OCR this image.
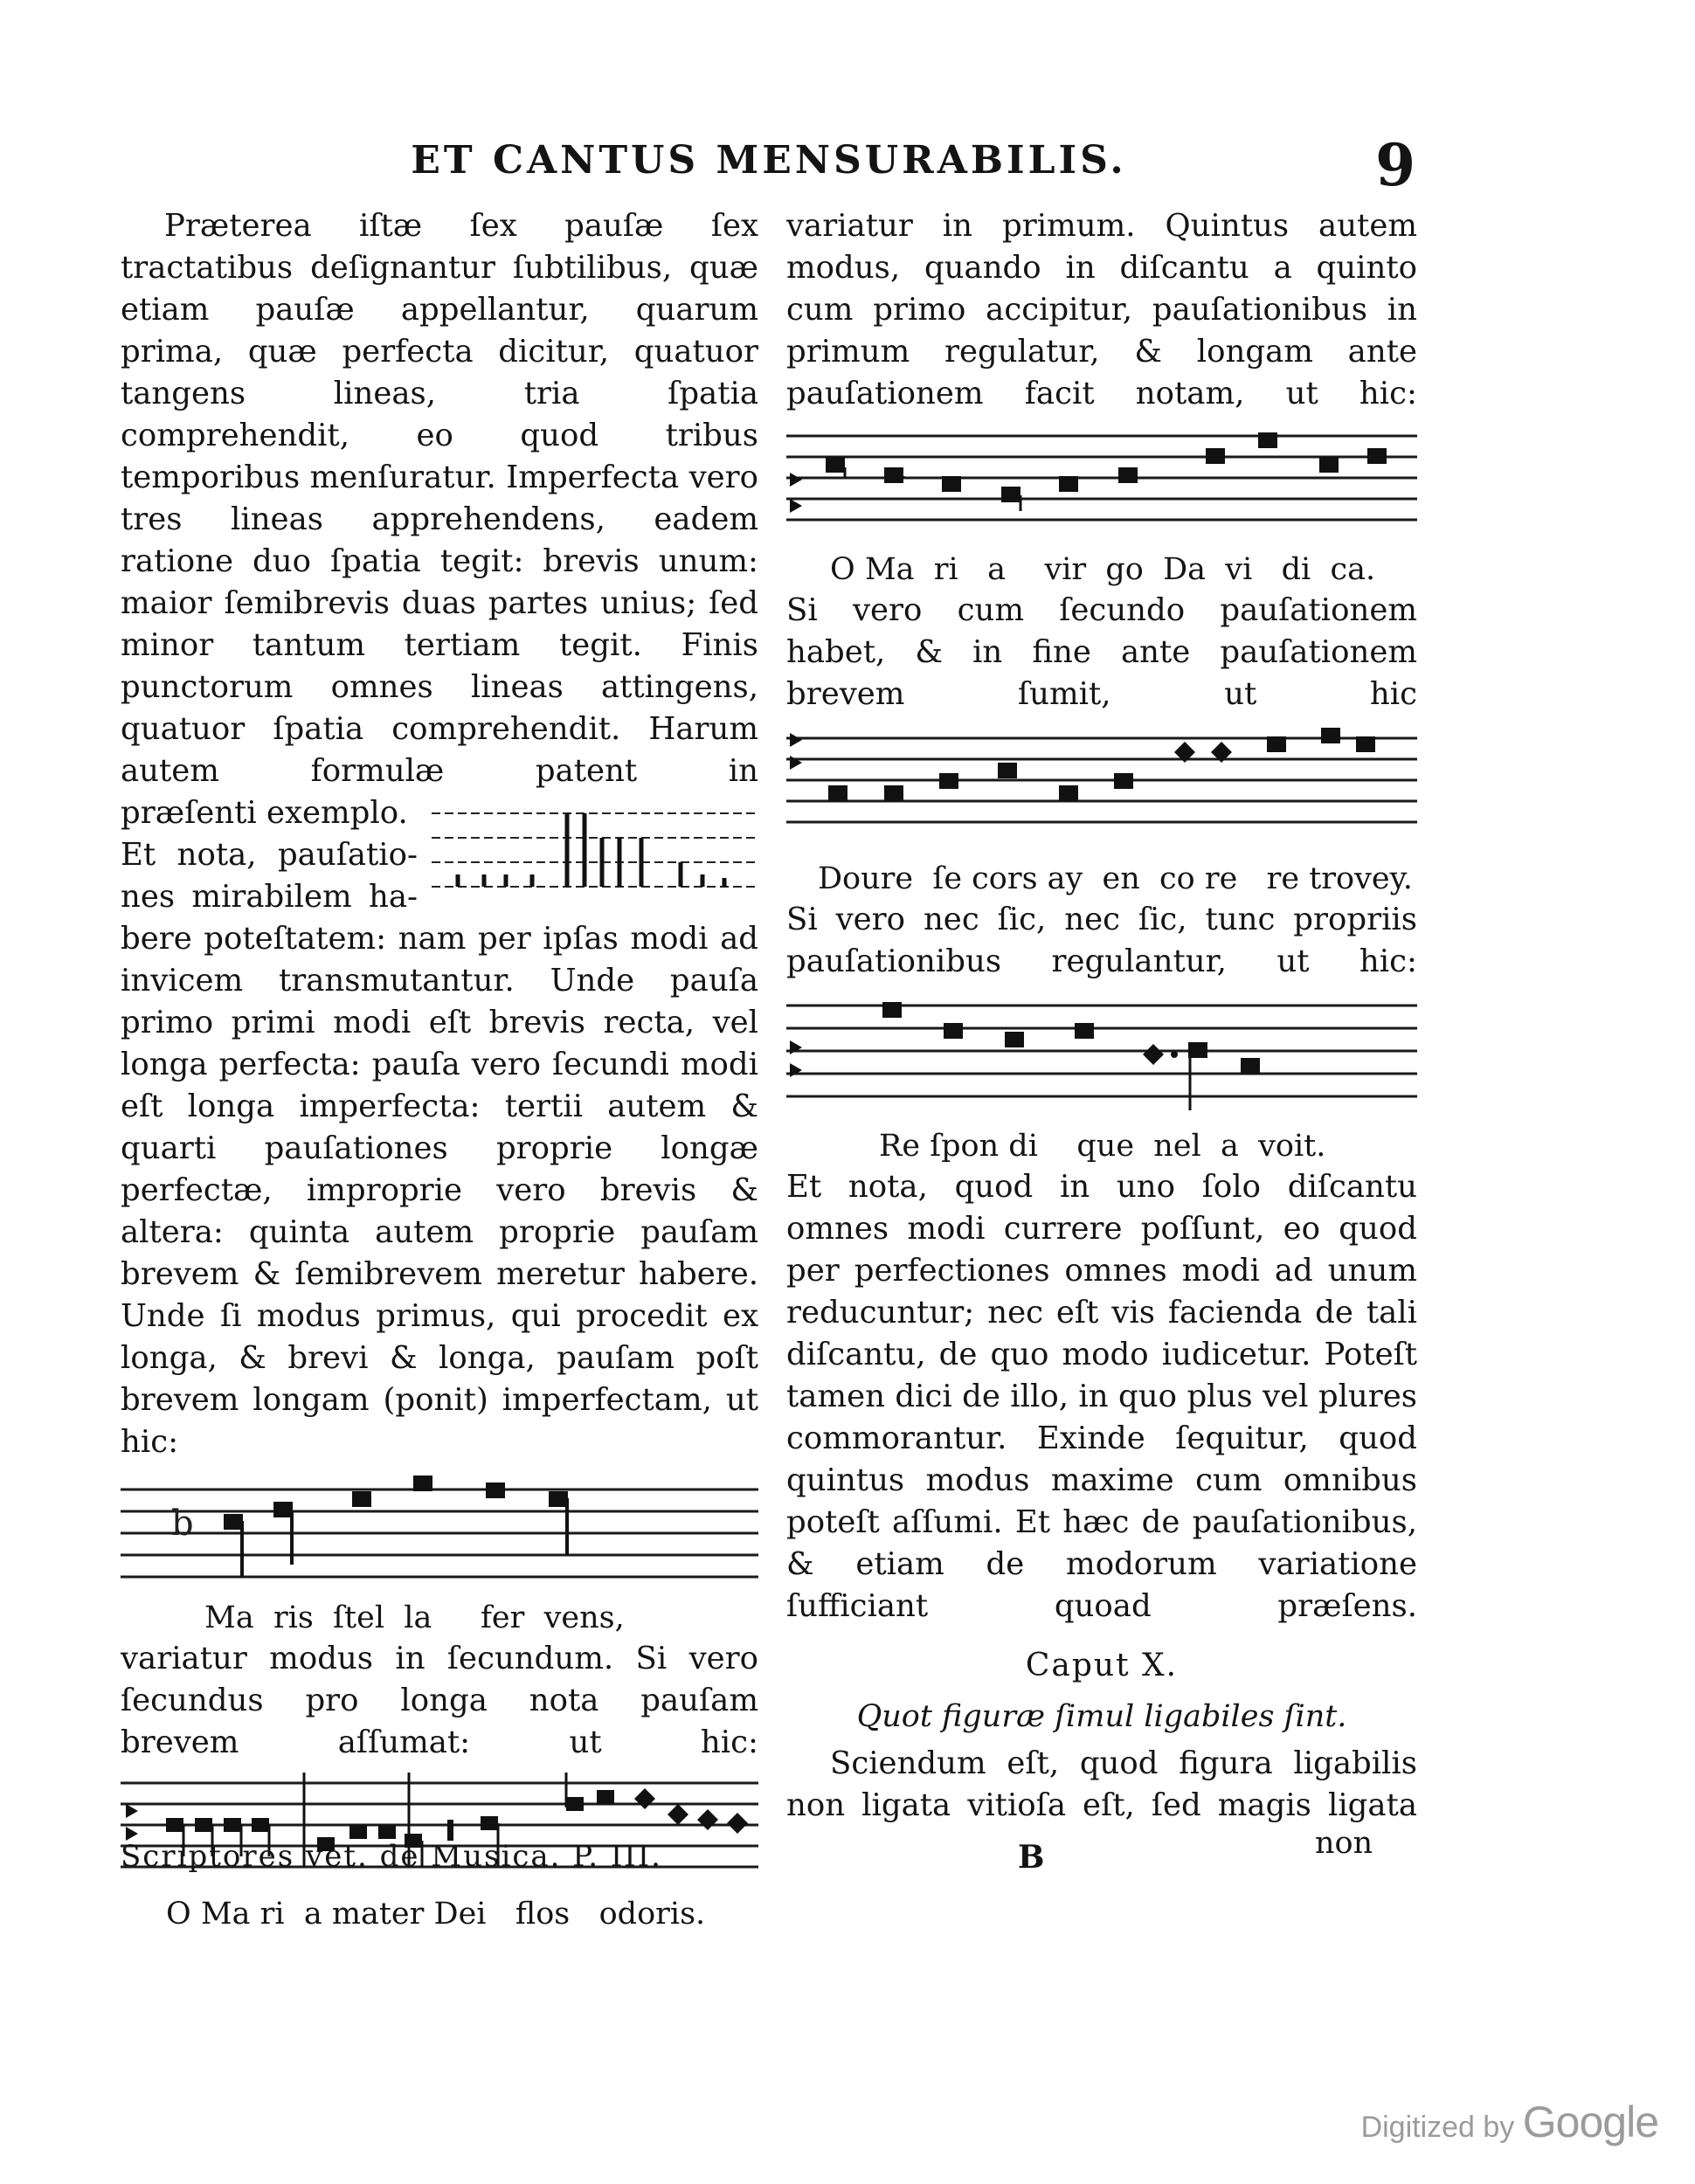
ET CANTUS MENSURABILIS.	9

Præterea iſtæ ſex pauſæ ſex tractatibus deſignantur ſubtilibus, quæ etiam pauſæ appellantur, quarum prima, quæ perfecta dicitur, quatuor tangens lineas, tria ſpatia comprehendit, eo quod tribus temporibus menſuratur. Imperfecta vero tres lineas apprehendens, eadem ratione duo ſpatia tegit: brevis unum: maior ſemibrevis duas partes unius; ſed minor tantum tertiam tegit. Finis punctorum omnes lineas attingens, quatuor ſpatia comprehendit. Harum autem formulæ patent in

præſenti exemplo.
Et nota, pauſatio-
nes mirabilem ha-

bere poteſtatem: nam per ipſas modi ad invicem transmutantur. Unde pauſa primo primi modi eſt brevis recta, vel longa perfecta: pauſa vero ſecundi modi eſt longa imperfecta: tertii autem & quarti pauſationes proprie longæ perfectæ, improprie vero brevis & altera: quinta autem proprie pauſam brevem & ſemibrevem meretur habere. Unde ſi modus primus, qui procedit ex longa, & brevi & longa, pauſam poſt brevem longam (ponit) imperfectam, ut hic:

b

Ma  ris  ſtel  la     fer  vens,

variatur modus in ſecundum. Si vero ſecundus pro longa nota pauſam brevem aſſumat: ut hic:

O Ma ri  a mater Dei   flos   odoris.

variatur in primum. Quintus autem modus, quando in diſcantu a quinto cum primo accipitur, pauſationibus in primum regulatur, & longam ante pauſationem facit notam, ut hic:

O Ma  ri   a    vir  go  Da  vi   di  ca.

Si vero cum ſecundo pauſationem habet, & in fine ante pauſationem brevem ſumit, ut hic

Doure  ſe cors ay  en  co re   re trovey.

Si vero nec ſic, nec ſic, tunc propriis pauſationibus regulantur, ut hic:

Re ſpon di    que  nel  a  voit.

Et nota, quod in uno ſolo diſcantu omnes modi currere poſſunt, eo quod per perfectiones omnes modi ad unum reducuntur; nec eſt vis facienda de tali diſcantu, de quo modo iudicetur. Poteſt tamen dici de illo, in quo plus vel plures commorantur. Exinde ſequitur, quod quintus modus maxime cum omnibus poteſt aſſumi. Et hæc de pauſationibus, & etiam de modorum variatione ſufficiant quoad præſens.

Caput X.
Quot figuræ ſimul ligabiles ſint.

Sciendum eſt, quod figura ligabilis non ligata vitioſa eſt, ſed magis ligata

Scriptores vet. de Musica. P. III.	B	non
Digitized by Google
